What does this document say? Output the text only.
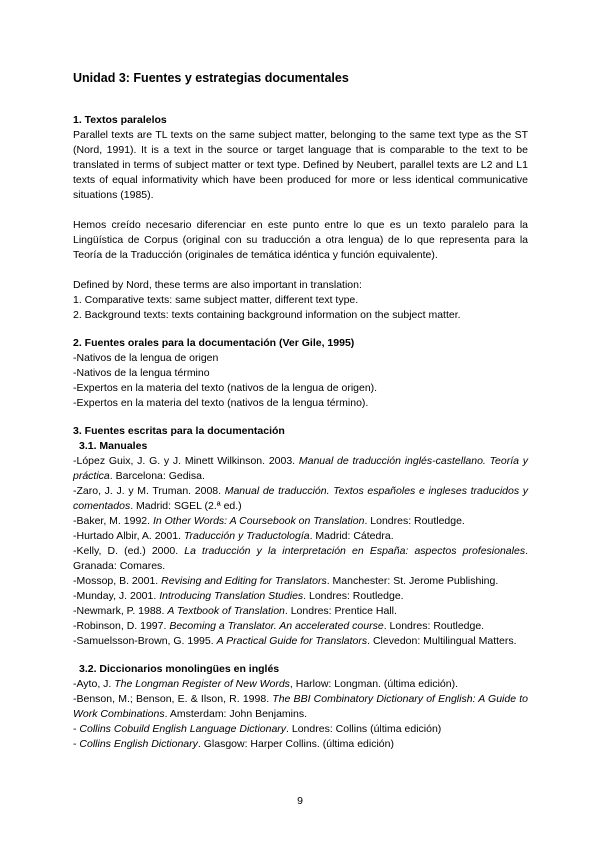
Unidad 3: Fuentes y estrategias documentales
1. Textos paralelos

Parallel texts are TL texts on the same subject matter, belonging to the same text type as the ST (Nord, 1991). It is a text in the source or target language that is comparable to the text to be translated in terms of subject matter or text type. Defined by Neubert, parallel texts are L2 and L1 texts of equal informativity which have been produced for more or less identical communicative situations (1985).

Hemos creído necesario diferenciar en este punto entre lo que es un texto paralelo para la Lingüística de Corpus (original con su traducción a otra lengua) de lo que representa para la Teoría de la Traducción (originales de temática idéntica y función equivalente).

Defined by Nord, these terms are also important in translation:

1. Comparative texts: same subject matter, different text type.

2. Background texts: texts containing background information on the subject matter.

2. Fuentes orales para la documentación (Ver Gile, 1995)

-Nativos de la lengua de origen

-Nativos de la lengua término

-Expertos en la materia del texto (nativos de la lengua de origen).

-Expertos en la materia del texto (nativos de la lengua término).

3. Fuentes escritas para la documentación
3.1. Manuales

-López Guix, J. G. y J. Minett Wilkinson. 2003. Manual de traducción inglés-castellano. Teoría y práctica. Barcelona: Gedisa.

-Zaro, J. J. y M. Truman. 2008. Manual de traducción. Textos españoles e ingleses traducidos y comentados. Madrid: SGEL (2.ª ed.)

-Baker, M. 1992. In Other Words: A Coursebook on Translation. Londres: Routledge.

-Hurtado Albir, A. 2001. Traducción y Traductología. Madrid: Cátedra.

-Kelly, D. (ed.) 2000. La traducción y la interpretación en España: aspectos profesionales. Granada: Comares.

-Mossop, B. 2001. Revising and Editing for Translators. Manchester: St. Jerome Publishing.

-Munday, J. 2001. Introducing Translation Studies. Londres: Routledge.

-Newmark, P. 1988. A Textbook of Translation. Londres: Prentice Hall.

-Robinson, D. 1997. Becoming a Translator. An accelerated course. Londres: Routledge.

-Samuelsson-Brown, G. 1995. A Practical Guide for Translators. Clevedon: Multilingual Matters.

3.2. Diccionarios monolingües en inglés

-Ayto, J. The Longman Register of New Words, Harlow: Longman. (última edición).

-Benson, M.; Benson, E. & Ilson, R. 1998. The BBI Combinatory Dictionary of English: A Guide to Work Combinations. Amsterdam: John Benjamins.

- Collins Cobuild English Language Dictionary. Londres: Collins (última edición)

- Collins English Dictionary. Glasgow: Harper Collins. (última edición)

9
